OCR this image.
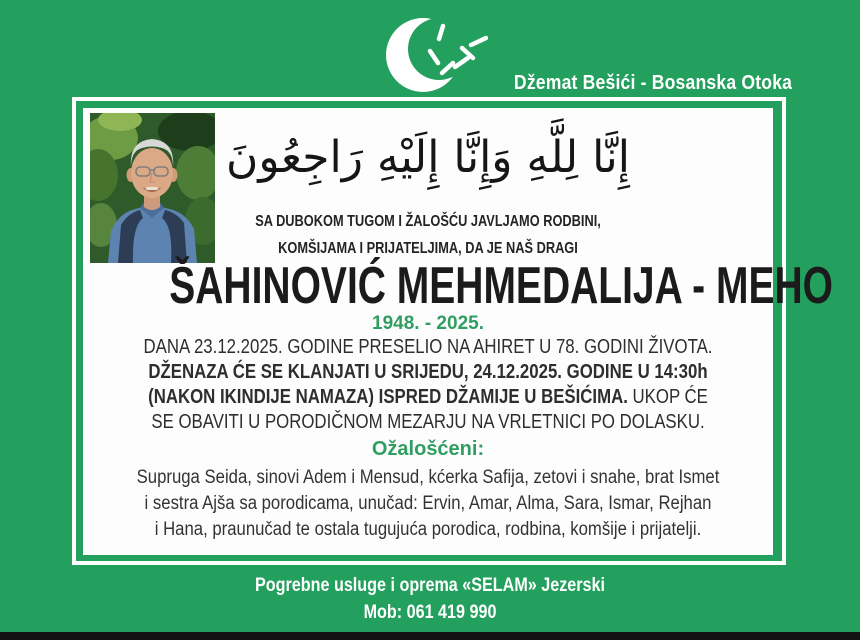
Džemat Bešići - Bosanska Otoka
إِنَّا لِلَّهِ وَإِنَّا إِلَيْهِ رَاجِعُونَ
SA DUBOKOM TUGOM I ŽALOŠĆU JAVLJAMO RODBINI,
KOMŠIJAMA I PRIJATELJIMA, DA JE NAŠ DRAGI
ŠAHINOVIĆ MEHMEDALIJA - MEHO
1948. - 2025.
DANA 23.12.2025. GODINE PRESELIO NA AHIRET U 78. GODINI ŽIVOTA.
DŽENAZA ĆE SE KLANJATI U SRIJEDU, 24.12.2025. GODINE U 14:30h
(NAKON IKINDIJE NAMAZA) ISPRED DŽAMIJE U BEŠIĆIMA. UKOP ĆE
SE OBAVITI U PORODIČNOM MEZARJU NA VRLETNICI PO DOLASKU.
Ožalošćeni:
Supruga Seida, sinovi Adem i Mensud, kćerka Safija, zetovi i snahe, brat Ismet
i sestra Ajša sa porodicama, unučad: Ervin, Amar, Alma, Sara, Ismar, Rejhan
i Hana, praunučad te ostala tugujuća porodica, rodbina, komšije i prijatelji.
Pogrebne usluge i oprema «SELAM» Jezerski
Mob: 061 419 990
